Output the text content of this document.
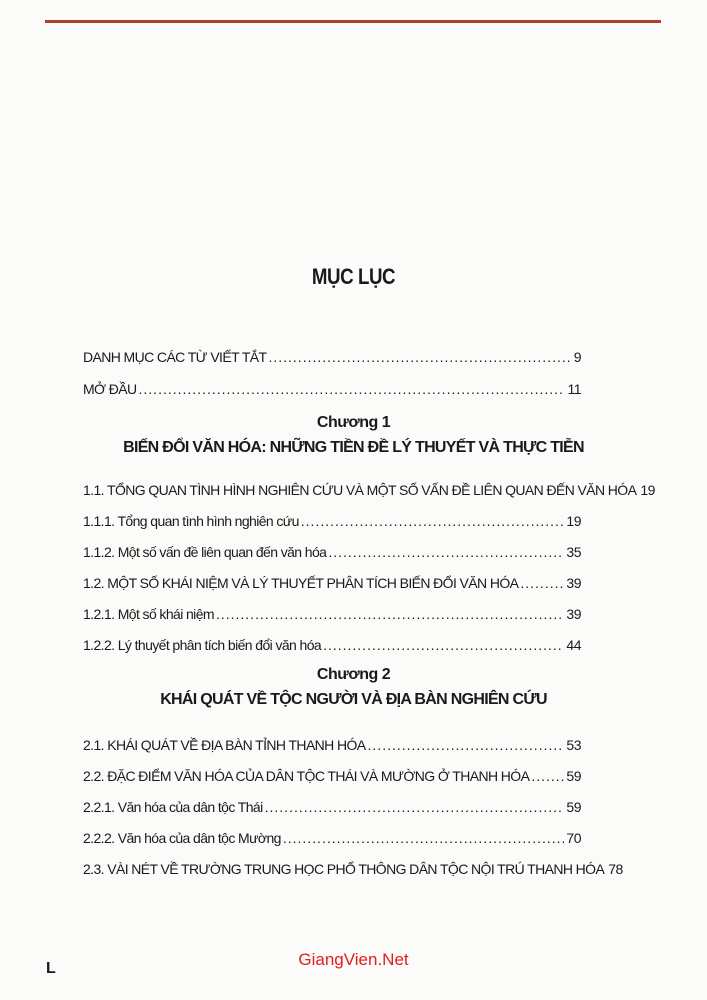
MỤC LỤC
DANH MỤC CÁC TỪ VIẾT TẮT .....	9
MỞ ĐẦU .....	11
Chương 1
BIẾN ĐỔI VĂN HÓA: NHỮNG TIỀN ĐỀ LÝ THUYẾT VÀ THỰC TIỄN
1.1. TỔNG QUAN TÌNH HÌNH NGHIÊN CỨU VÀ MỘT SỐ VẤN ĐỀ LIÊN QUAN ĐẾN VĂN HÓA 19
1.1.1. Tổng quan tình hình nghiên cứu .....	19
1.1.2. Một số vấn đề liên quan đến văn hóa .....	35
1.2. MỘT SỐ KHÁI NIỆM VÀ LÝ THUYẾT PHÂN TÍCH BIẾN ĐỔI VĂN HÓA .....	39
1.2.1. Một số khái niệm .....	39
1.2.2. Lý thuyết phân tích biến đổi văn hóa .....	44
Chương 2
KHÁI QUÁT VỀ TỘC NGƯỜI VÀ ĐỊA BÀN NGHIÊN CỨU
2.1. KHÁI QUÁT VỀ ĐỊA BÀN TỈNH THANH HÓA .....	53
2.2. ĐẶC ĐIỂM VĂN HÓA CỦA DÂN TỘC THÁI VÀ MƯỜNG Ở THANH HÓA .....	59
2.2.1. Văn hóa của dân tộc Thái .....	59
2.2.2. Văn hóa của dân tộc Mường .....	70
2.3. VÀI NÉT VỀ TRƯỜNG TRUNG HỌC PHỔ THÔNG DÂN TỘC NỘI TRÚ THANH HÓA 78
GiangVien.Net
L
